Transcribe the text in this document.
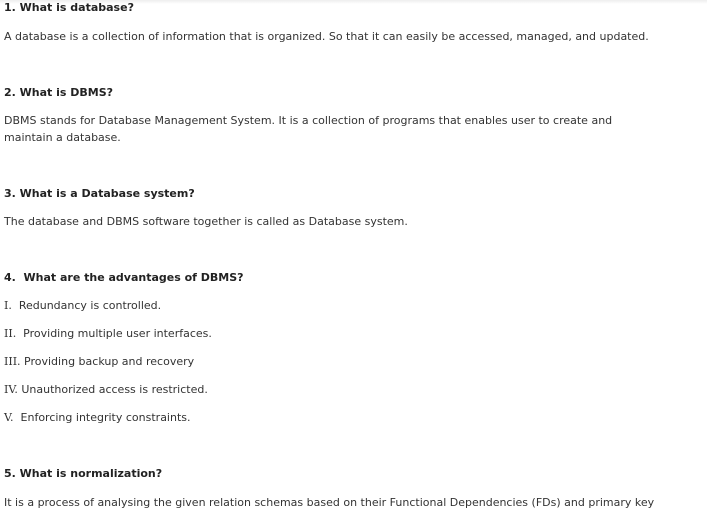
1. What is database?
A database is a collection of information that is organized. So that it can easily be accessed, managed, and updated.
2. What is DBMS?
DBMS stands for Database Management System. It is a collection of programs that enables user to create and
maintain a database.
3. What is a Database system?
The database and DBMS software together is called as Database system.
4.  What are the advantages of DBMS?
I.  Redundancy is controlled.
II.  Providing multiple user interfaces.
III. Providing backup and recovery
IV. Unauthorized access is restricted.
V.  Enforcing integrity constraints.
5. What is normalization?
It is a process of analysing the given relation schemas based on their Functional Dependencies (FDs) and primary key
